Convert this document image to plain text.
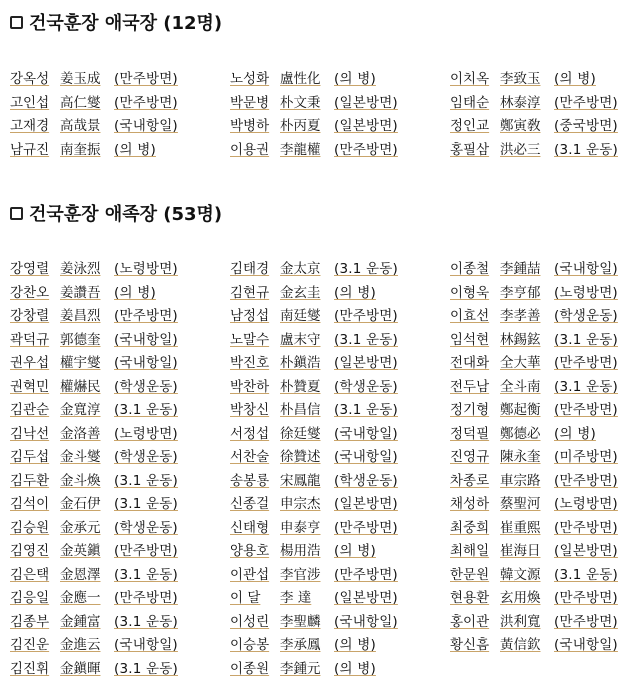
건국훈장 애국장 (12명)
강옥성 姜玉成	(만주방면)	노성화 盧性化	(의 병)	이치옥 李致玉	(의 병)
고인섭 高仁燮	(만주방면)	박문병 朴文秉	(일본방면)	임태순 林泰淳	(만주방면)
고재경 高哉景	(국내항일)	박병하 朴丙夏	(일본방면)	정인교 鄭寅敎	(중국방면)
남규진 南奎振	(의 병)	이용권 李龍權	(만주방면)	홍필삼 洪必三	(3.1 운동)
건국훈장 애족장 (53명)
강영렬 姜泳烈	(노령방면)	김태경 金太京	(3.1 운동)	이종철 李鍾喆	(국내항일)
강찬오 姜讚吾	(의 병)	김현규 金玄圭	(의 병)	이형욱 李亨郁	(노령방면)
강창렬 姜昌烈	(만주방면)	남정섭 南廷燮	(만주방면)	이효선 李孝善	(학생운동)
곽덕규 郭德奎	(국내항일)	노말수 盧末守	(3.1 운동)	임석현 林錫鉉	(3.1 운동)
권우섭 權宇燮	(국내항일)	박진호 朴鎭浩	(일본방면)	전대화 全大華	(만주방면)
권혁민 權爀民	(학생운동)	박찬하 朴贊夏	(학생운동)	전두남 全斗南	(3.1 운동)
김관순 金寬淳	(3.1 운동)	박창신 朴昌信	(3.1 운동)	정기형 鄭起衡	(만주방면)
김낙선 金洛善	(노령방면)	서정섭 徐廷燮	(국내항일)	정덕필 鄭德必	(의 병)
김두섭 金斗燮	(학생운동)	서찬술 徐贊述	(국내항일)	진영규 陳永奎	(미주방면)
김두환 金斗煥	(3.1 운동)	송봉룡 宋鳳龍	(학생운동)	차종로 車宗路	(만주방면)
김석이 金石伊	(3.1 운동)	신종걸 申宗杰	(일본방면)	채성하 蔡聖河	(노령방면)
김승원 金承元	(학생운동)	신태형 申泰亨	(만주방면)	최중희 崔重熙	(만주방면)
김영진 金英鎭	(만주방면)	양용호 楊用浩	(의 병)	최해일 崔海日	(일본방면)
김은택 金恩澤	(3.1 운동)	이관섭 李官涉	(만주방면)	한문원 韓文源	(3.1 운동)
김응일 金應一	(만주방면)	이 달	李 達	(일본방면)	현용환 玄用煥	(만주방면)
김종부 金鍾富	(3.1 운동)	이성린 李聖麟	(국내항일)	홍이관 洪利寬	(만주방면)
김진운 金進云	(국내항일)	이승봉 李承鳳	(의 병)	황신흠 黃信欽	(국내항일)
김진휘 金鎭暉	(3.1 운동)	이종원 李鍾元	(의 병)
